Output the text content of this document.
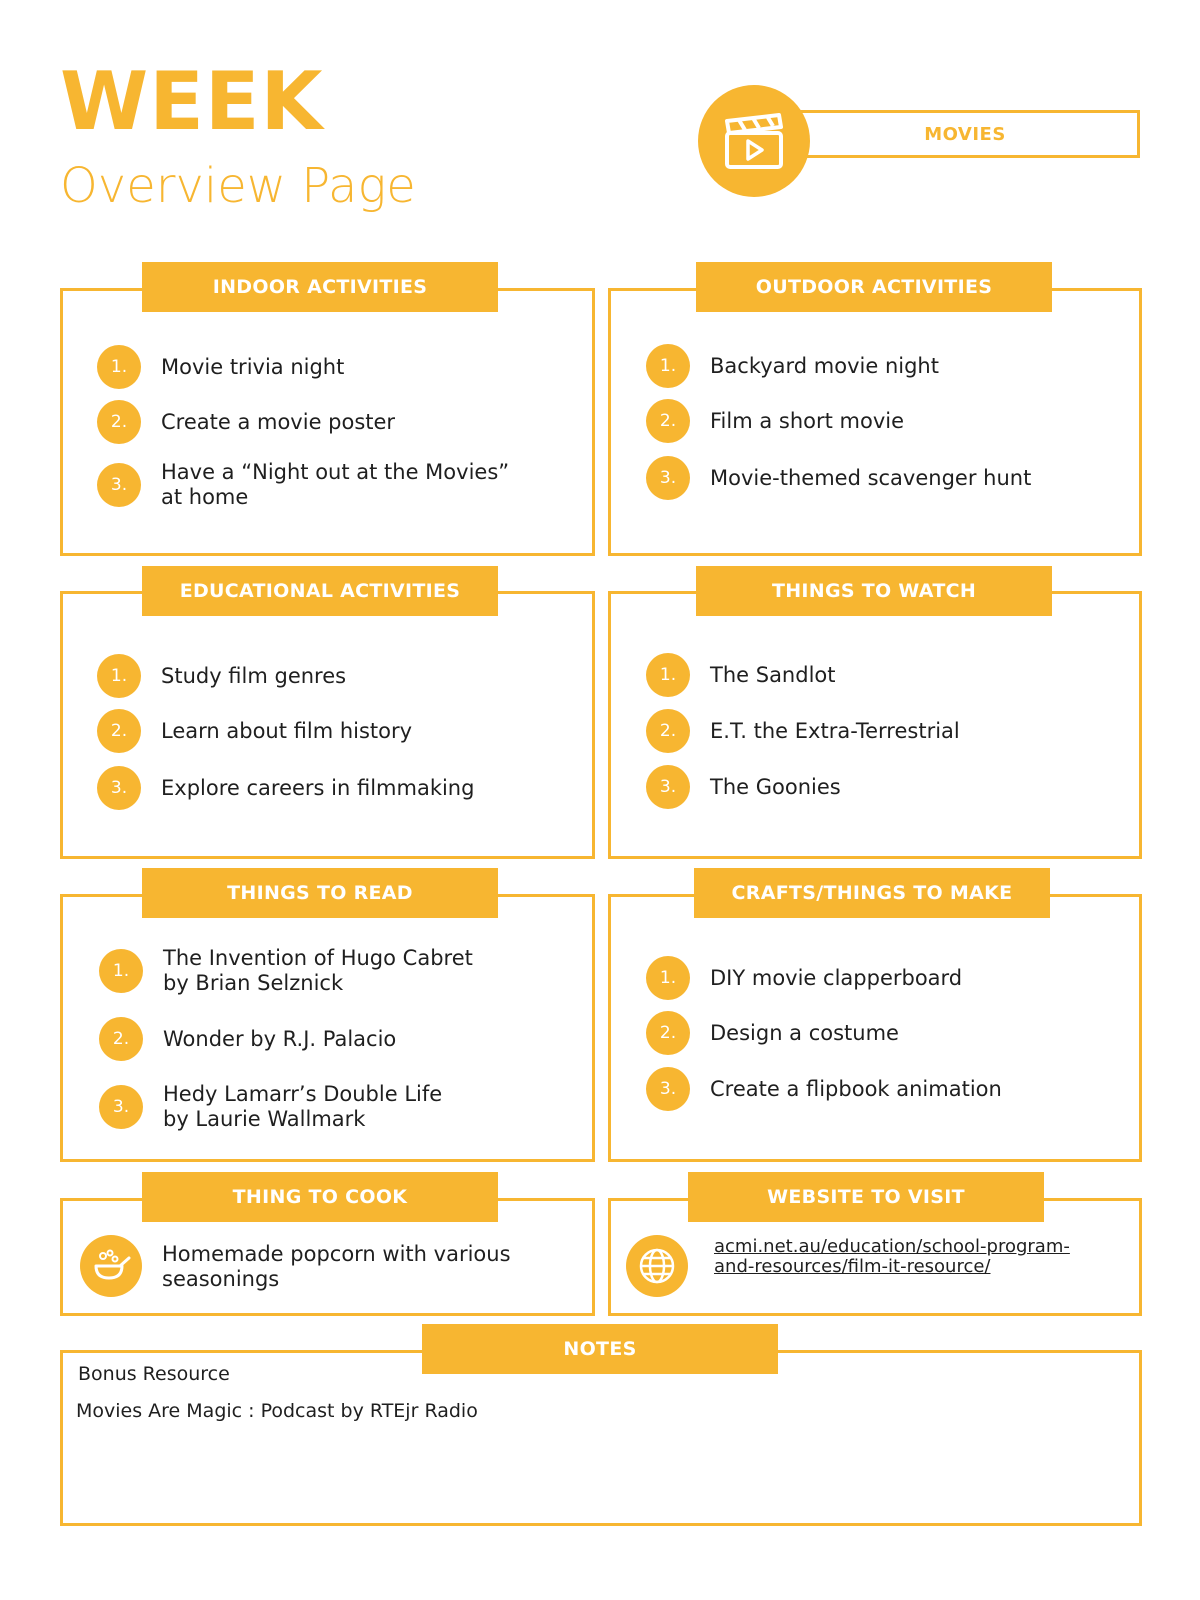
WEEK
Overview Page
MOVIES
INDOOR ACTIVITIES
1.	Movie trivia night
2.	Create a movie poster
3.
Have a “Night out at the Movies”
at home
OUTDOOR ACTIVITIES
1.	Backyard movie night
2.	Film a short movie
3.	Movie-themed scavenger hunt
EDUCATIONAL ACTIVITIES
1.	Study film genres
2.	Learn about film history
3.	Explore careers in filmmaking
THINGS TO WATCH
1.	The Sandlot
2.	E.T. the Extra-Terrestrial
3.	The Goonies
THINGS TO READ
1.
The Invention of Hugo Cabret
by Brian Selznick
2.	Wonder by R.J. Palacio
3.
Hedy Lamarr’s Double Life
by Laurie Wallmark
CRAFTS/THINGS TO MAKE
1.	DIY movie clapperboard
2.	Design a costume
3.	Create a flipbook animation
THING TO COOK
Homemade popcorn with various
seasonings
WEBSITE TO VISIT
acmi.net.au/education/school-program-
and-resources/film-it-resource/
NOTES
Bonus Resource
Movies Are Magic : Podcast by RTEjr Radio
